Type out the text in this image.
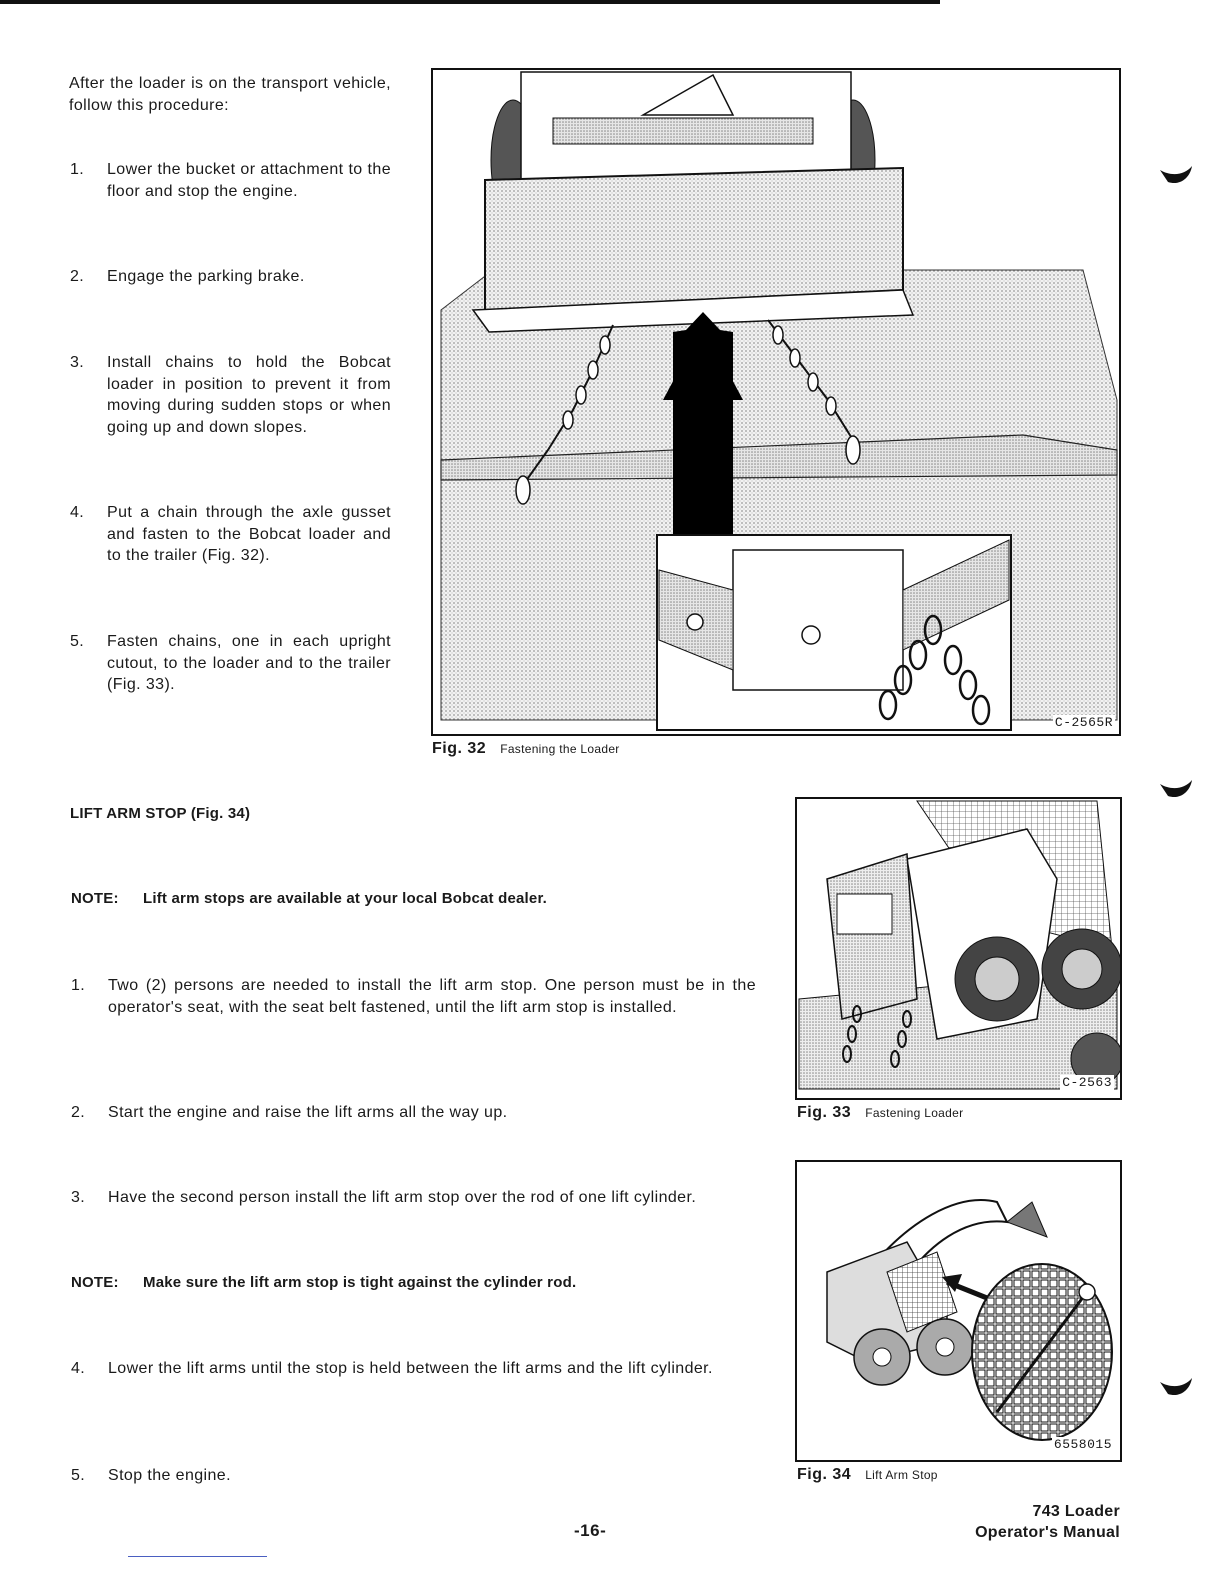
After the loader is on the transport vehicle, follow this procedure:
1.	Lower the bucket or attachment to the floor and stop the engine.
2.	Engage the parking brake.
3.	Install chains to hold the Bobcat loader in position to prevent it from moving during sudden stops or when going up and down slopes.
4.	Put a chain through the axle gusset and fasten to the Bobcat loader and to the trailer (Fig. 32).
5.	Fasten chains, one in each upright cutout, to the loader and to the trailer (Fig. 33).
C-2565R
Fig. 32 Fastening the Loader
LIFT ARM STOP (Fig. 34)
NOTE: Lift arm stops are available at your local Bobcat dealer.
1.	Two (2) persons are needed to install the lift arm stop. One person must be in the operator's seat, with the seat belt fastened, until the lift arm stop is installed.
2.	Start the engine and raise the lift arms all the way up.
3.	Have the second person install the lift arm stop over the rod of one lift cylinder.
NOTE: Make sure the lift arm stop is tight against the cylinder rod.
4.	Lower the lift arms until the stop is held between the lift arms and the lift cylinder.
5.	Stop the engine.
C-2563
Fig. 33 Fastening Loader
6558015
Fig. 34 Lift Arm Stop
-16-
743 Loader
Operator's Manual
